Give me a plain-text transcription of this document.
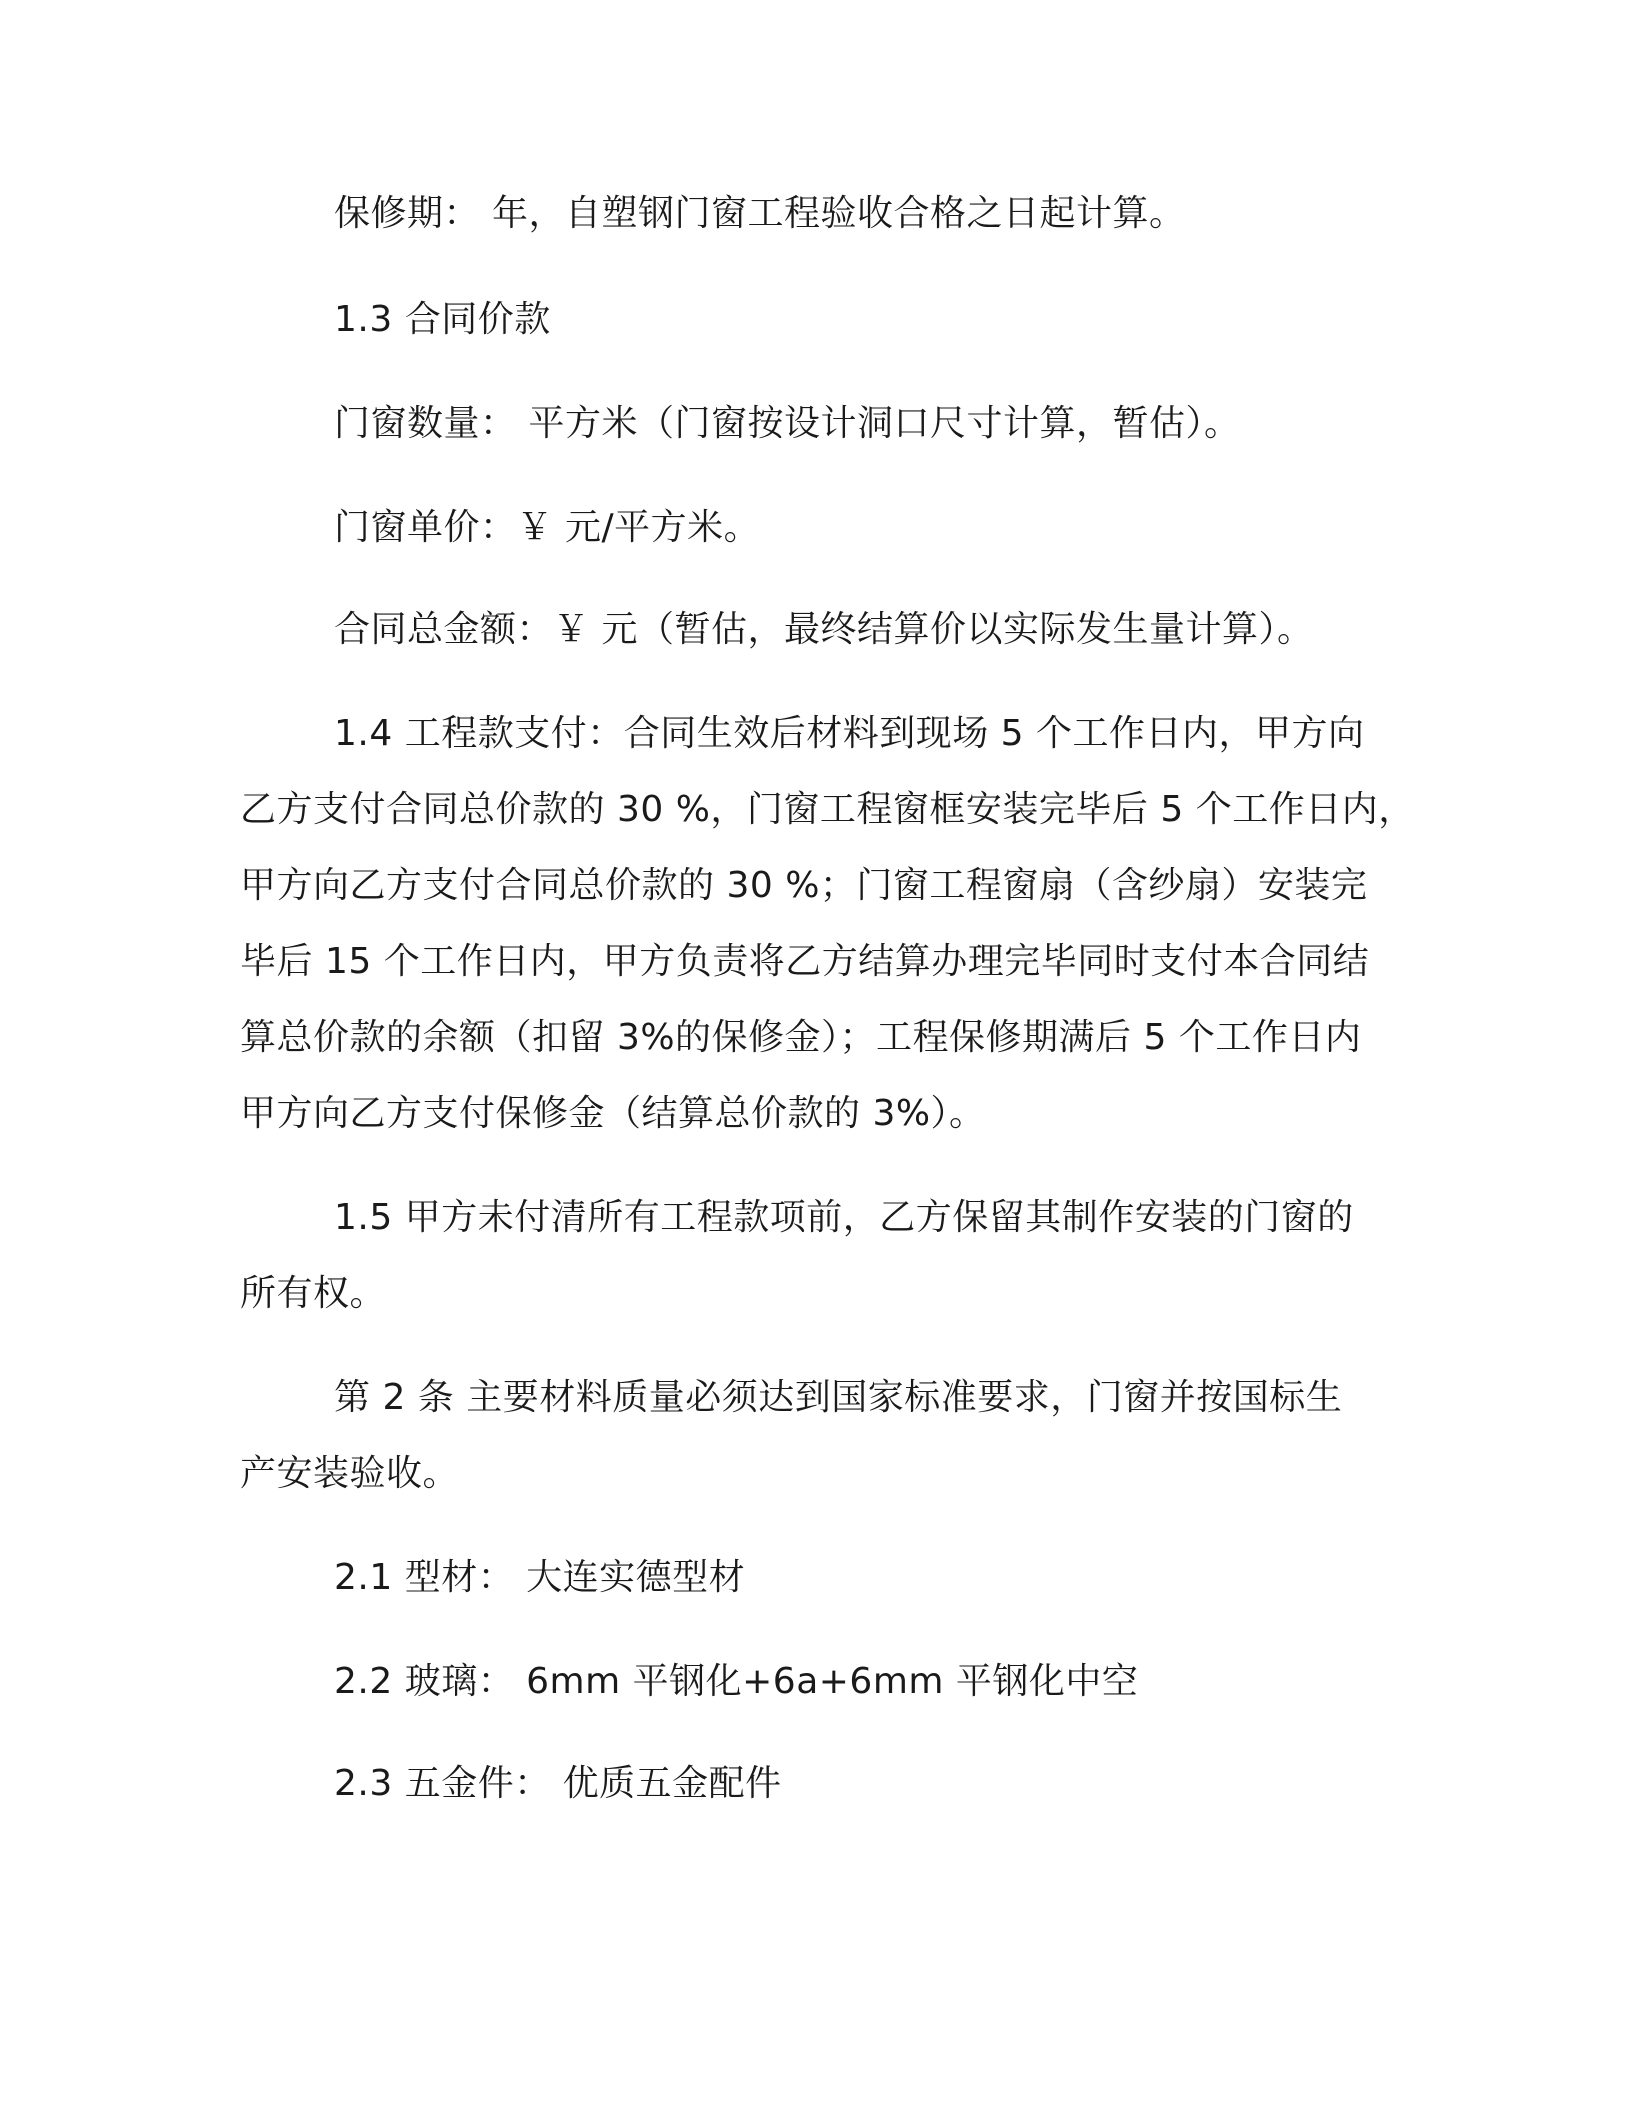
保修期： 年，自塑钢门窗工程验收合格之日起计算。
1.3 合同价款
门窗数量： 平方米（门窗按设计洞口尺寸计算，暂估）。
门窗单价：￥ 元/平方米。
合同总金额：￥ 元（暂估，最终结算价以实际发生量计算）。
1.4 工程款支付：合同生效后材料到现场 5 个工作日内，甲方向
乙方支付合同总价款的 30 %，门窗工程窗框安装完毕后 5 个工作日内，
甲方向乙方支付合同总价款的 30 %；门窗工程窗扇（含纱扇）安装完
毕后 15 个工作日内，甲方负责将乙方结算办理完毕同时支付本合同结
算总价款的余额（扣留 3%的保修金）；工程保修期满后 5 个工作日内
甲方向乙方支付保修金（结算总价款的 3%）。
1.5 甲方未付清所有工程款项前，乙方保留其制作安装的门窗的
所有权。
第 2 条 主要材料质量必须达到国家标准要求，门窗并按国标生
产安装验收。
2.1 型材： 大连实德型材
2.2 玻璃： 6mm 平钢化+6a+6mm 平钢化中空
2.3 五金件： 优质五金配件
